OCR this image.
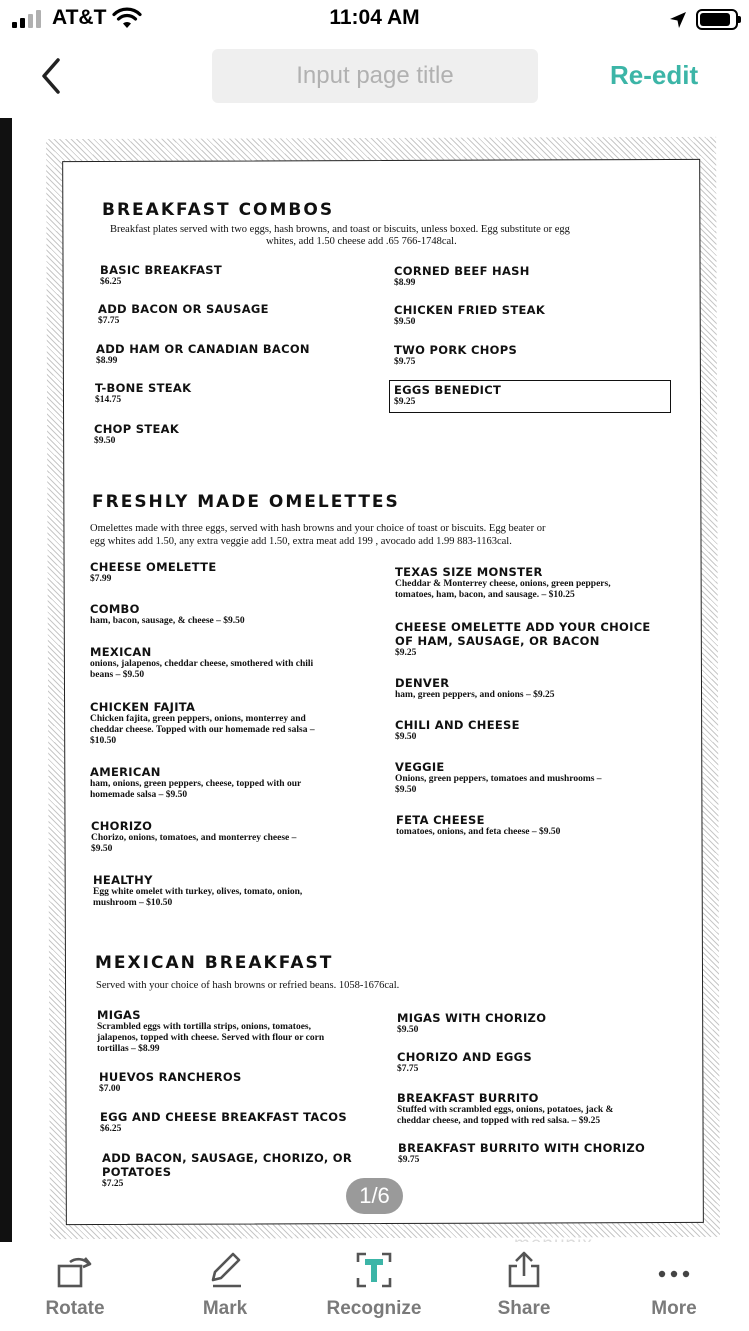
AT&T	11:04 AM
Input page title
Re-edit
BREAKFAST COMBOS
Breakfast plates served with two eggs, hash browns, and toast or biscuits, unless boxed. Egg substitute or egg
whites, add 1.50 cheese add .65 766-1748cal.
BASIC BREAKFAST
$6.25
ADD BACON OR SAUSAGE
$7.75
ADD HAM OR CANADIAN BACON
$8.99
T-BONE STEAK
$14.75
CHOP STEAK
$9.50
CORNED BEEF HASH
$8.99
CHICKEN FRIED STEAK
$9.50
TWO PORK CHOPS
$9.75
EGGS BENEDICT
$9.25
FRESHLY MADE OMELETTES
Omelettes made with three eggs, served with hash browns and your choice of toast or biscuits. Egg beater or
egg whites add 1.50, any extra veggie add 1.50, extra meat add 199 , avocado add 1.99 883-1163cal.
CHEESE OMELETTE
$7.99
COMBO
ham, bacon, sausage, & cheese – $9.50
MEXICAN
onions, jalapenos, cheddar cheese, smothered with chili
beans – $9.50
CHICKEN FAJITA
Chicken fajita, green peppers, onions, monterrey and
cheddar cheese. Topped with our homemade red salsa –
$10.50
AMERICAN
ham, onions, green peppers, cheese, topped with our
homemade salsa – $9.50
CHORIZO
Chorizo, onions, tomatoes, and monterrey cheese –
$9.50
HEALTHY
Egg white omelet with turkey, olives, tomato, onion,
mushroom – $10.50
TEXAS SIZE MONSTER
Cheddar & Monterrey cheese, onions, green peppers,
tomatoes, ham, bacon, and sausage. – $10.25
CHEESE OMELETTE ADD YOUR CHOICE
OF HAM, SAUSAGE, OR BACON
$9.25
DENVER
ham, green peppers, and onions – $9.25
CHILI AND CHEESE
$9.50
VEGGIE
Onions, green peppers, tomatoes and mushrooms –
$9.50
FETA CHEESE
tomatoes, onions, and feta cheese – $9.50
MEXICAN BREAKFAST
Served with your choice of hash browns or refried beans. 1058-1676cal.
MIGAS
Scrambled eggs with tortilla strips, onions, tomatoes,
jalapenos, topped with cheese. Served with flour or corn
tortillas – $8.99
HUEVOS RANCHEROS
$7.00
EGG AND CHEESE BREAKFAST TACOS
$6.25
ADD BACON, SAUSAGE, CHORIZO, OR
POTATOES
$7.25
MIGAS WITH CHORIZO
$9.50
CHORIZO AND EGGS
$7.75
BREAKFAST BURRITO
Stuffed with scrambled eggs, onions, potatoes, jack &
cheddar cheese, and topped with red salsa. – $9.25
BREAKFAST BURRITO WITH CHORIZO
$9.75
1/6
Rotate	Mark	Recognize	Share	More
